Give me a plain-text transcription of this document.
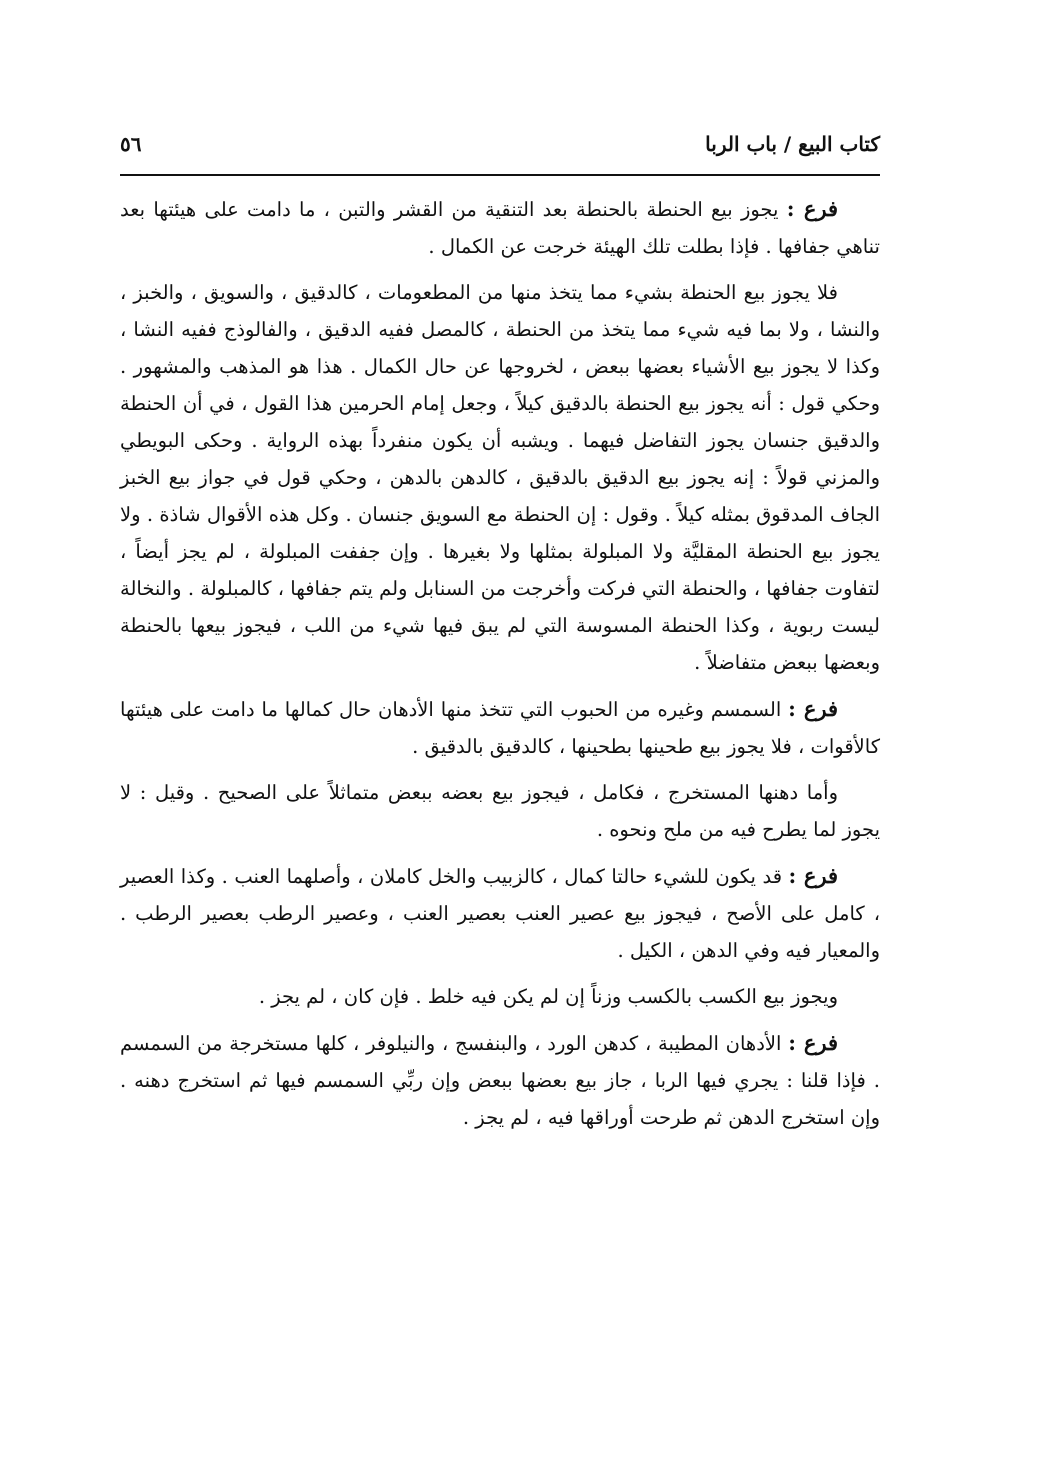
كتاب البيع / باب الربا
٥٦

فرع : يجوز بيع الحنطة بالحنطة بعد التنقية من القشر والتبن ، ما دامت على هيئتها بعد تناهي جفافها . فإذا بطلت تلك الهيئة خرجت عن الكمال .

فلا يجوز بيع الحنطة بشيء مما يتخذ منها من المطعومات ، كالدقيق ، والسويق ، والخبز ، والنشا ، ولا بما فيه شيء مما يتخذ من الحنطة ، كالمصل ففيه الدقيق ، والفالوذج ففيه النشا ، وكذا لا يجوز بيع الأشياء بعضها ببعض ، لخروجها عن حال الكمال . هذا هو المذهب والمشهور . وحكي قول : أنه يجوز بيع الحنطة بالدقيق كيلاً ، وجعل إمام الحرمين هذا القول ، في أن الحنطة والدقيق جنسان يجوز التفاضل فيهما . ويشبه أن يكون منفرداً بهذه الرواية . وحكى البويطي والمزني قولاً : إنه يجوز بيع الدقيق بالدقيق ، كالدهن بالدهن ، وحكي قول في جواز بيع الخبز الجاف المدقوق بمثله كيلاً . وقول : إن الحنطة مع السويق جنسان . وكل هذه الأقوال شاذة . ولا يجوز بيع الحنطة المقليَّة ولا المبلولة بمثلها ولا بغيرها . وإن جففت المبلولة ، لم يجز أيضاً ، لتفاوت جفافها ، والحنطة التي فركت وأخرجت من السنابل ولم يتم جفافها ، كالمبلولة . والنخالة ليست ربوية ، وكذا الحنطة المسوسة التي لم يبق فيها شيء من اللب ، فيجوز بيعها بالحنطة وبعضها ببعض متفاضلاً .

فرع : السمسم وغيره من الحبوب التي تتخذ منها الأدهان حال كمالها ما دامت على هيئتها كالأقوات ، فلا يجوز بيع طحينها بطحينها ، كالدقيق بالدقيق .

وأما دهنها المستخرج ، فكامل ، فيجوز بيع بعضه ببعض متماثلاً على الصحيح . وقيل : لا يجوز لما يطرح فيه من ملح ونحوه .

فرع : قد يكون للشيء حالتا كمال ، كالزبيب والخل كاملان ، وأصلهما العنب . وكذا العصير ، كامل على الأصح ، فيجوز بيع عصير العنب بعصير العنب ، وعصير الرطب بعصير الرطب . والمعيار فيه وفي الدهن ، الكيل .

ويجوز بيع الكسب بالكسب وزناً إن لم يكن فيه خلط . فإن كان ، لم يجز .

فرع : الأدهان المطيبة ، كدهن الورد ، والبنفسج ، والنيلوفر ، كلها مستخرجة من السمسم . فإذا قلنا : يجري فيها الربا ، جاز بيع بعضها ببعض وإن ربِّي السمسم فيها ثم استخرج دهنه . وإن استخرج الدهن ثم طرحت أوراقها فيه ، لم يجز .
